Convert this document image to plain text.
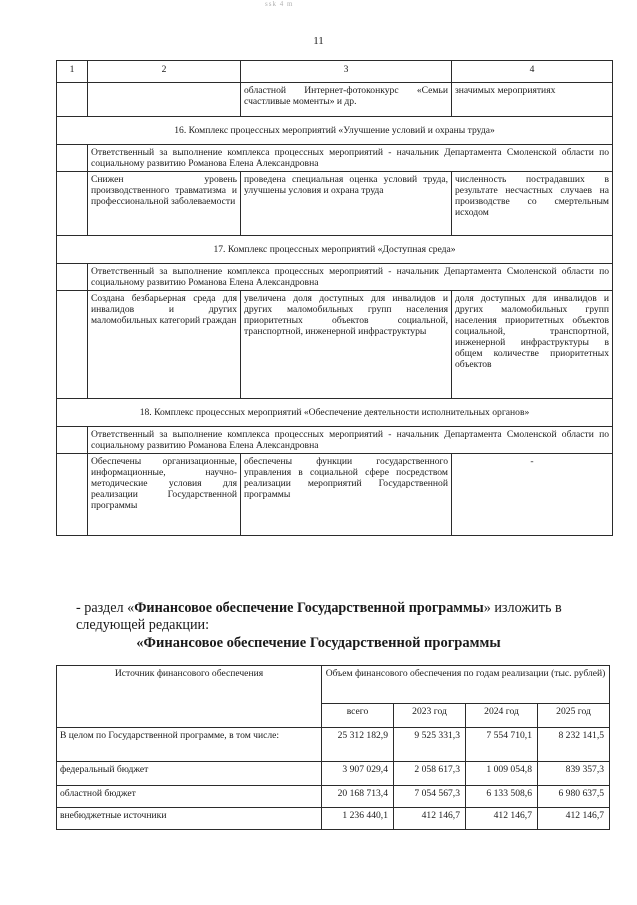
ssk 4 m
11
1	2	3	4
		областной Интернет-фотоконкурс «Семьи счастливые моменты» и др.	значимых мероприятиях
16. Комплекс процессных мероприятий «Улучшение условий и охраны труда»			
	Ответственный за выполнение комплекса процессных мероприятий - начальник Департамента Смоленской области по социальному развитию Романова Елена Александровна		
	Снижен уровень производственного травматизма и профессиональной заболеваемости	проведена специальная оценка условий труда, улучшены условия и охрана труда	численность пострадавших в результате несчастных случаев на производстве со смертельным исходом
17. Комплекс процессных мероприятий «Доступная среда»			
	Ответственный за выполнение комплекса процессных мероприятий - начальник Департамента Смоленской области по социальному развитию Романова Елена Александровна		
	Создана безбарьерная среда для инвалидов и других маломобильных категорий граждан	увеличена доля доступных для инвалидов и других маломобильных групп населения приоритетных объектов социальной, транспортной, инженерной инфраструктуры	доля доступных для инвалидов и других маломобильных групп населения приоритетных объектов социальной, транспортной, инженерной инфраструктуры в общем количестве приоритетных объектов
18. Комплекс процессных мероприятий «Обеспечение деятельности исполнительных органов»			
	Ответственный за выполнение комплекса процессных мероприятий - начальник Департамента Смоленской области по социальному развитию Романова Елена Александровна		
	Обеспечены организационные, информационные, научно-методические условия для реализации Государственной программы	обеспечены функции государственного управления в социальной сфере посредством реализации мероприятий Государственной программы	-
- раздел «Финансовое обеспечение Государственной программы» изложить в следующей редакции:
«Финансовое обеспечение Государственной программы
Источник финансового обеспечения	Объем финансового обеспечения по годам реализации (тыс. рублей)			
	всего	2023 год	2024 год	2025 год
В целом по Государственной программе, в том числе:	25 312 182,9	9 525 331,3	7 554 710,1	8 232 141,5
федеральный бюджет	3 907 029,4	2 058 617,3	1 009 054,8	839 357,3
областной бюджет	20 168 713,4	7 054 567,3	6 133 508,6	6 980 637,5
внебюджетные источники	1 236 440,1	412 146,7	412 146,7	412 146,7
